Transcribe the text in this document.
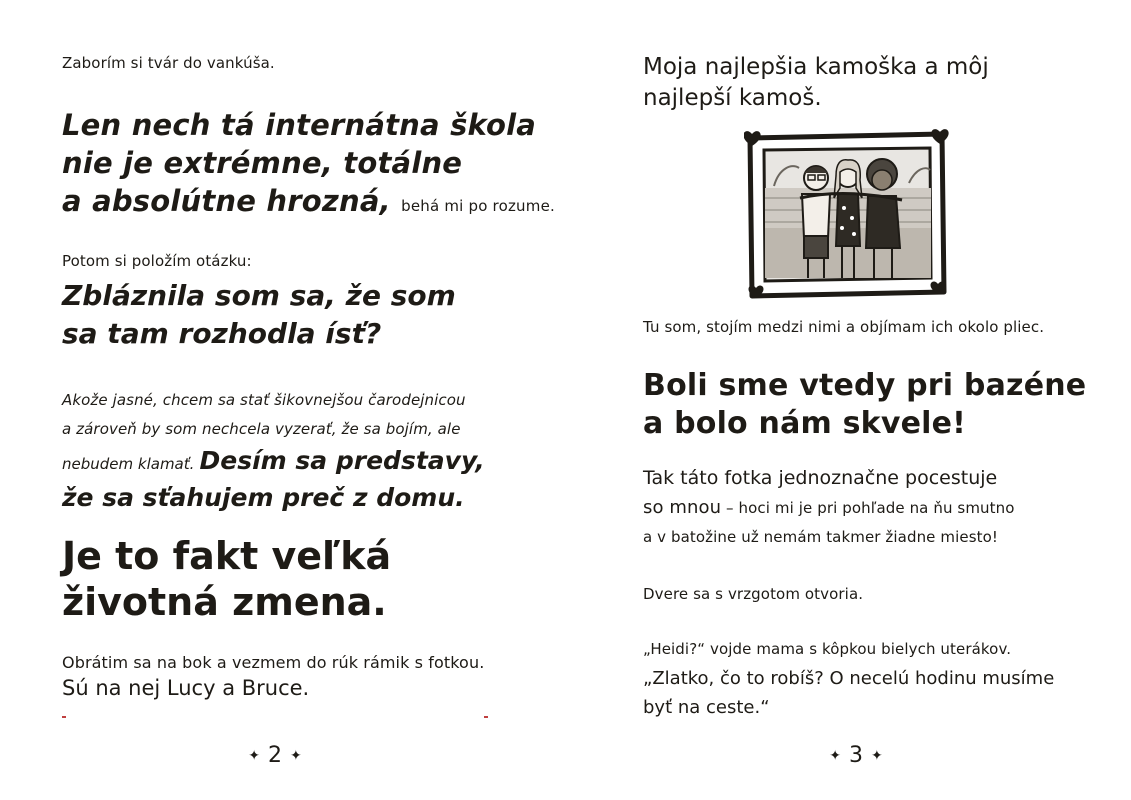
Zaborím si tvár do vankúša.

Len nech tá internátna škola
nie je extrémne, totálne
a absolútne hrozná, behá mi po rozume.

Potom si položím otázku:

Zbláznila som sa, že som
sa tam rozhodla ísť?
Akože jasné, chcem sa stať šikovnejšou čarodejnicou
a zároveň by som nechcela vyzerať, že sa bojím, ale
nebudem klamať. Desím sa predstavy,
že sa sťahujem preč z domu.
Je to fakt veľká
životná zmena.

Obrátim sa na bok a vezmem do rúk rámik s fotkou.

Sú na nej Lucy a Bruce.

✦ 2 ✦
Moja najlepšia kamoška a môj
najlepší kamoš.

Tu som, stojím medzi nimi a objímam ich okolo pliec.

Boli sme vtedy pri bazéne
a bolo nám skvele!
Tak táto fotka jednoznačne pocestuje
so mnou – hoci mi je pri pohľade na ňu smutno
a v batožine už nemám takmer žiadne miesto!

Dvere sa s vrzgotom otvoria.

„Heidi?“ vojde mama s kôpkou bielych uterákov.
„Zlatko, čo to robíš? O necelú hodinu musíme
byť na ceste.“
✦ 3 ✦
